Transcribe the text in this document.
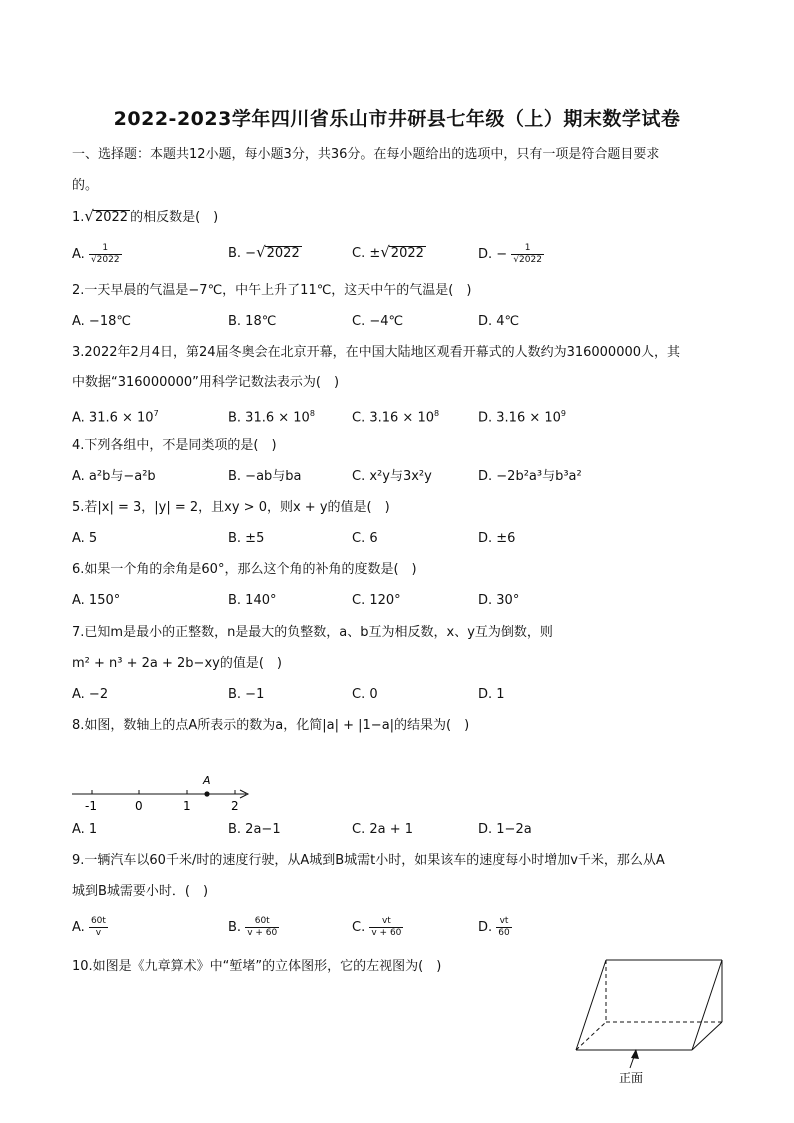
2022-2023学年四川省乐山市井研县七年级（上）期末数学试卷
一、选择题：本题共12小题，每小题3分，共36分。在每小题给出的选项中，只有一项是符合题目要求
的。
1.√2022 的相反数是(　)
A. $\frac{1}{√2022}$	B. −√2022	C. ±√2022	D. − $\frac{1}{√2022}$
2.一天早晨的气温是−7℃，中午上升了11℃，这天中午的气温是(　)
A. −18℃	B. 18℃	C. −4℃	D. 4℃
3.2022年2月4日，第24届冬奥会在北京开幕，在中国大陆地区观看开幕式的人数约为316000000人，其
中数据“316000000”用科学记数法表示为(　)
A. $31.6 \times 10^7$	B. $31.6 \times 10^8$	C. $3.16 \times 10^8$	D. $3.16 \times 10^9$
4.下列各组中，不是同类项的是(　)
A. a²b与−a²b	B. −ab与ba	C. x²y与3x²y	D. −2b²a³与b³a²
5.若|x| = 3，|y| = 2，且xy > 0，则x + y的值是(　)
A. 5	B. ±5	C. 6	D. ±6
6.如果一个角的余角是60°，那么这个角的补角的度数是(　)
A. 150°	B. 140°	C. 120°	D. 30°
7.已知m是最小的正整数，n是最大的负整数，a、b互为相反数，x、y互为倒数，则
m² + n³ + 2a + 2b−xy的值是(　)
A. −2	B. −1	C. 0	D. 1
8.如图，数轴上的点A所表示的数为a，化简|a| + |1−a|的结果为(　)
A
-1	0	1	2
A. 1	B. 2a−1	C. 2a + 1	D. 1−2a
9.一辆汽车以60千米/时的速度行驶，从A城到B城需t小时，如果该车的速度每小时增加v千米，那么从A
城到B城需要小时．(　)
A. $\frac{60t}{v}$	B. $\frac{60t}{v + 60}$	C. $\frac{vt}{v + 60}$	D. $\frac{vt}{60}$
10.如图是《九章算术》中“堑堵”的立体图形，它的左视图为(　)
正面
